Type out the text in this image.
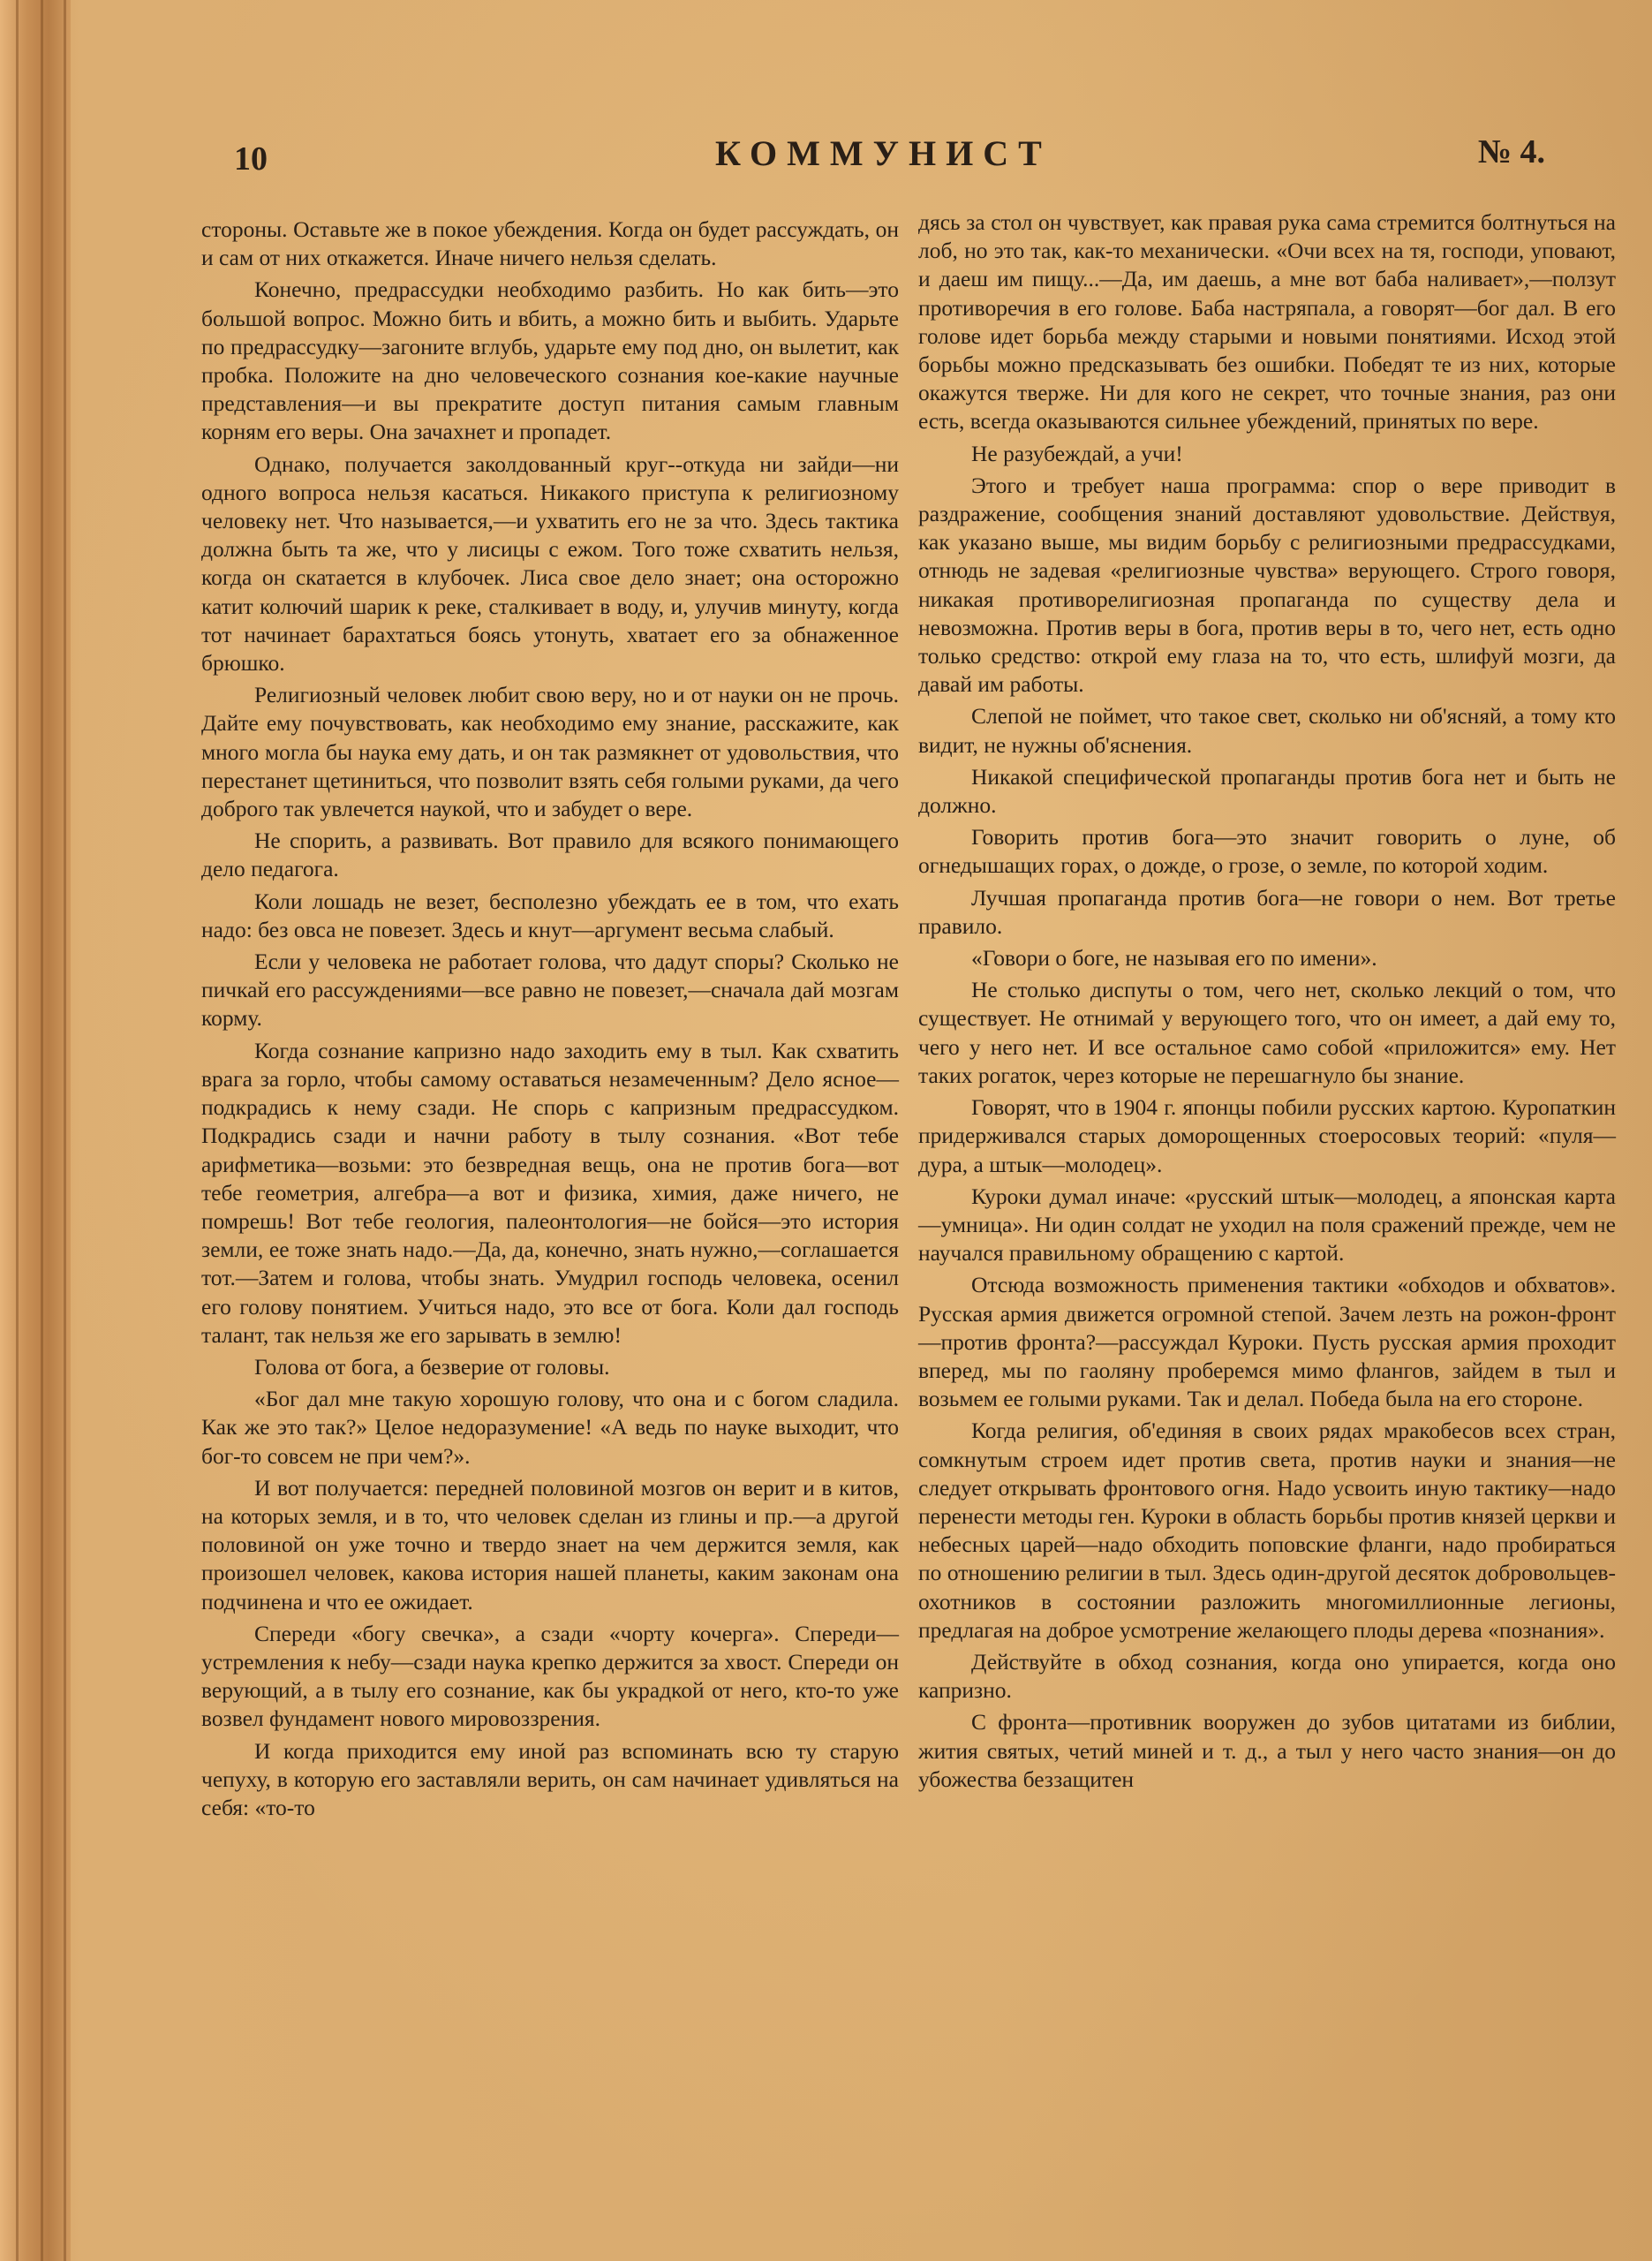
10	КОММУНИСТ	№ 4.

стороны. Оставьте же в покое убеждения. Когда он будет рассуждать, он и сам от них откажется. Иначе ничего нельзя сделать.

Конечно, предрассудки необходимо разбить. Но как бить—это большой вопрос. Можно бить и вбить, а можно бить и выбить. Ударьте по предрассудку—загоните вглубь, ударьте ему под дно, он вылетит, как пробка. Положите на дно человеческого сознания кое-какие научные представления—и вы прекратите доступ питания самым главным корням его веры. Она зачахнет и пропадет.

Однако, получается заколдованный круг--откуда ни зайди—ни одного вопроса нельзя касаться. Никакого приступа к религиозному человеку нет. Что называется,—и ухватить его не за что. Здесь тактика должна быть та же, что у лисицы с ежом. Того тоже схватить нельзя, когда он скатается в клубочек. Лиса свое дело знает; она осторожно катит колючий шарик к реке, сталкивает в воду, и, улучив минуту, когда тот начинает барахтаться боясь утонуть, хватает его за обнаженное брюшко.

Религиозный человек любит свою веру, но и от науки он не прочь. Дайте ему почувствовать, как необходимо ему знание, расскажите, как много могла бы наука ему дать, и он так размякнет от удовольствия, что перестанет щетиниться, что позволит взять себя голыми руками, да чего доброго так увлечется наукой, что и забудет о вере.

Не спорить, а развивать. Вот правило для всякого понимающего дело педагога.

Коли лошадь не везет, бесполезно убеждать ее в том, что ехать надо: без овса не повезет. Здесь и кнут—аргумент весьма слабый.

Если у человека не работает голова, что дадут споры? Сколько не пичкай его рассуждениями—все равно не повезет,—сначала дай мозгам корму.

Когда сознание капризно надо заходить ему в тыл. Как схватить врага за горло, чтобы самому оставаться незамеченным? Дело ясное—подкрадись к нему сзади. Не спорь с капризным предрассудком. Подкрадись сзади и начни работу в тылу сознания. «Вот тебе арифметика—возьми: это безвредная вещь, она не против бога—вот тебе геометрия, алгебра—а вот и физика, химия, даже ничего, не помрешь! Вот тебе геология, палеонтология—не бойся—это история земли, ее тоже знать надо.—Да, да, конечно, знать нужно,—соглашается тот.—Затем и голова, чтобы знать. Умудрил господь человека, осенил его голову понятием. Учиться надо, это все от бога. Коли дал господь талант, так нельзя же его зарывать в землю!

Голова от бога, а безверие от головы.

«Бог дал мне такую хорошую голову, что она и с богом сладила. Как же это так?» Целое недоразумение! «А ведь по науке выходит, что бог-то совсем не при чем?».

И вот получается: передней половиной мозгов он верит и в китов, на которых земля, и в то, что человек сделан из глины и пр.—а другой половиной он уже точно и твердо знает на чем держится земля, как произошел человек, какова история нашей планеты, каким законам она подчинена и что ее ожидает.

Спереди «богу свечка», а сзади «чорту кочерга». Спереди—устремления к небу—сзади наука крепко держится за хвост. Спереди он верующий, а в тылу его сознание, как бы украдкой от него, кто-то уже возвел фундамент нового мировоззрения.

И когда приходится ему иной раз вспоминать всю ту старую чепуху, в которую его заставляли верить, он сам начинает удивляться на себя: «то-то

дясь за стол он чувствует, как правая рука сама стремится болтнуться на лоб, но это так, как-то механически. «Очи всех на тя, господи, уповают, и даеш им пищу...—Да, им даешь, а мне вот баба наливает»,—ползут противоречия в его голове. Баба настряпала, а говорят—бог дал. В его голове идет борьба между старыми и новыми понятиями. Исход этой борьбы можно предсказывать без ошибки. Победят те из них, которые окажутся тверже. Ни для кого не секрет, что точные знания, раз они есть, всегда оказываются сильнее убеждений, принятых по вере.

Не разубеждай, а учи!

Этого и требует наша программа: спор о вере приводит в раздражение, сообщения знаний доставляют удовольствие. Действуя, как указано выше, мы видим борьбу с религиозными предрассудками, отнюдь не задевая «религиозные чувства» верующего. Строго говоря, никакая противорелигиозная пропаганда по существу дела и невозможна. Против веры в бога, против веры в то, чего нет, есть одно только средство: открой ему глаза на то, что есть, шлифуй мозги, да давай им работы.

Слепой не поймет, что такое свет, сколько ни об'ясняй, а тому кто видит, не нужны об'яснения.

Никакой специфической пропаганды против бога нет и быть не должно.

Говорить против бога—это значит говорить о луне, об огнедышащих горах, о дожде, о грозе, о земле, по которой ходим.

Лучшая пропаганда против бога—не говори о нем. Вот третье правило.

«Говори о боге, не называя его по имени».

Не столько диспуты о том, чего нет, сколько лекций о том, что существует. Не отнимай у верующего того, что он имеет, а дай ему то, чего у него нет. И все остальное само собой «приложится» ему. Нет таких рогаток, через которые не перешагнуло бы знание.

Говорят, что в 1904 г. японцы побили русских картою. Куропаткин придерживался старых доморощенных стоеросовых теорий: «пуля—дура, а штык—молодец».

Куроки думал иначе: «русский штык—молодец, а японская карта—умница». Ни один солдат не уходил на поля сражений прежде, чем не научался правильному обращению с картой.

Отсюда возможность применения тактики «обходов и обхватов». Русская армия движется огромной степой. Зачем лезть на рожон-фронт—против фронта?—рассуждал Куроки. Пусть русская армия проходит вперед, мы по гаоляну проберемся мимо флангов, зайдем в тыл и возьмем ее голыми руками. Так и делал. Победа была на его стороне.

Когда религия, об'единяя в своих рядах мракобесов всех стран, сомкнутым строем идет против света, против науки и знания—не следует открывать фронтового огня. Надо усвоить иную тактику—надо перенести методы ген. Куроки в область борьбы против князей церкви и небесных царей—надо обходить поповские фланги, надо пробираться по отношению религии в тыл. Здесь один-другой десяток добровольцев-охотников в состоянии разложить многомиллионные легионы, предлагая на доброе усмотрение желающего плоды дерева «познания».

Действуйте в обход сознания, когда оно упирается, когда оно капризно.

С фронта—противник вооружен до зубов цитатами из библии, жития святых, четий миней и т. д., а тыл у него часто знания—он до убожества беззащитен
